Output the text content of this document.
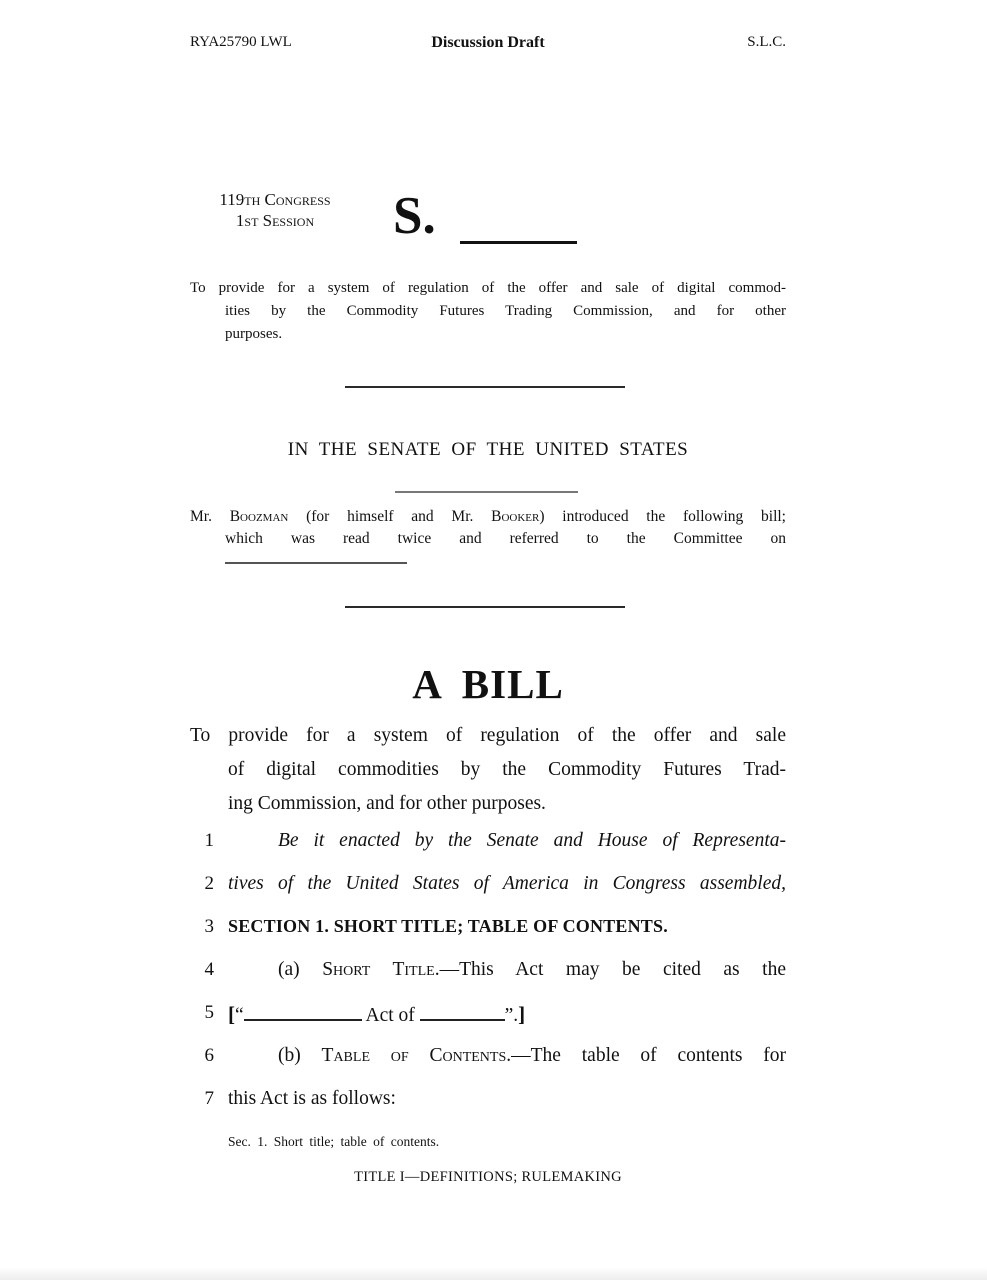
RYA25790 LWL	Discussion Draft	S.L.C.
119th Congress
1st Session	S.
To provide for a system of regulation of the offer and sale of digital commod-
ities by the Commodity Futures Trading Commission, and for other
purposes.
IN THE SENATE OF THE UNITED STATES
Mr. Boozman (for himself and Mr. Booker) introduced the following bill;
which was read twice and referred to the Committee on
A BILL
To provide for a system of regulation of the offer and sale
of digital commodities by the Commodity Futures Trad-
ing Commission, and for other purposes.
1	Be it enacted by the Senate and House of Representa-
2 tives of the United States of America in Congress assembled,
3 SECTION 1. SHORT TITLE; TABLE OF CONTENTS.
4	(a) Short Title.—This Act may be cited as the
5 [“	Act of	”.]
6	(b) Table of Contents.—The table of contents for
7 this Act is as follows:
Sec. 1. Short title; table of contents.
TITLE I—DEFINITIONS; RULEMAKING
